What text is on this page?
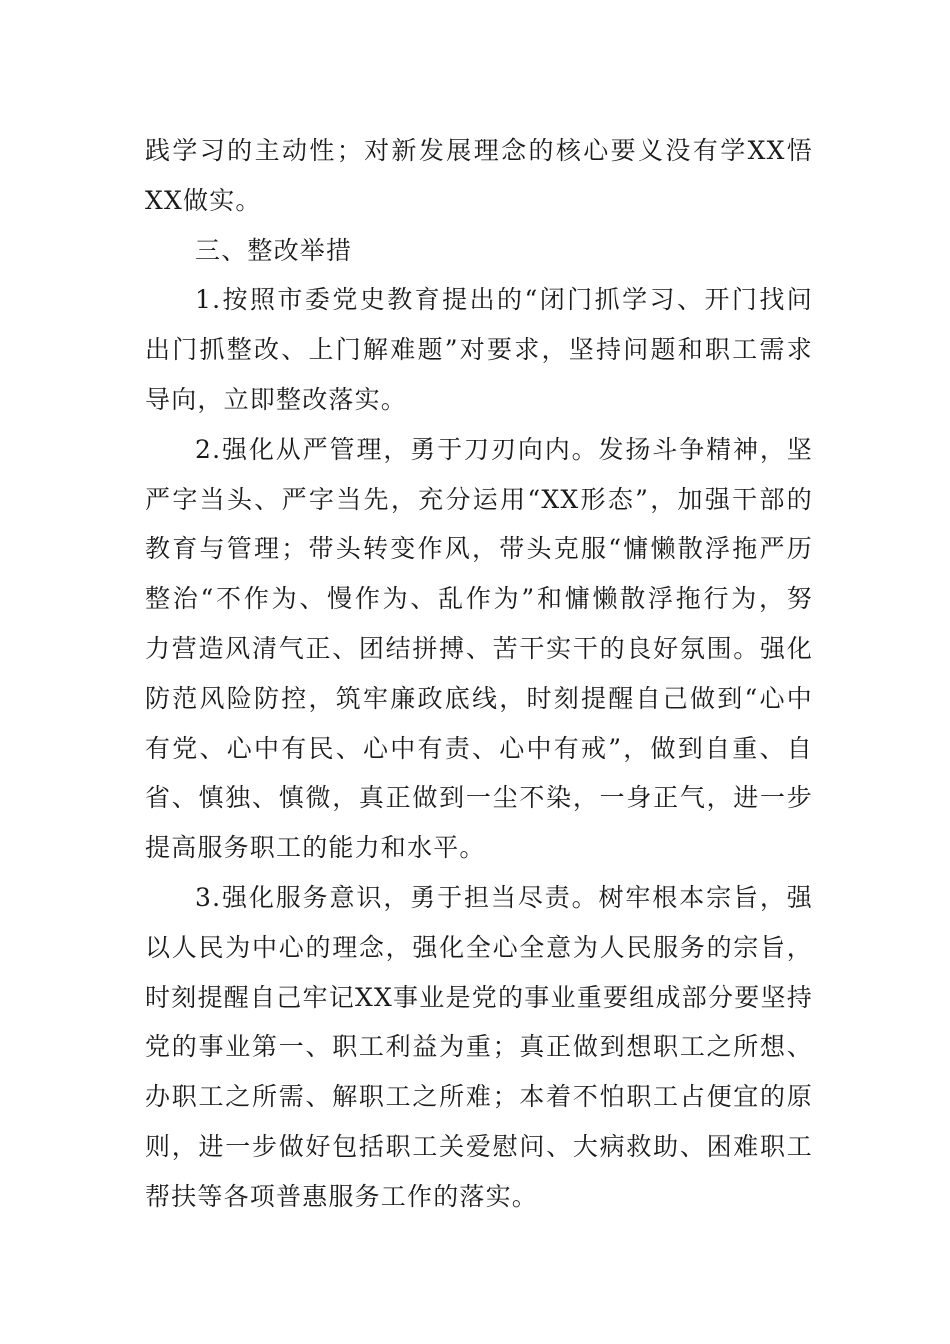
践学习的主动性；对新发展理念的核心要义没有学XX悟
XX做实。
三、整改举措
1.按照市委党史教育提出的“闭门抓学习、开门找问
出门抓整改、上门解难题”对要求，坚持问题和职工需求
导向，立即整改落实。
2.强化从严管理，勇于刀刃向内。发扬斗争精神，坚
严字当头、严字当先，充分运用“XX形态”，加强干部的
教育与管理；带头转变作风，带头克服“慵懒散浮拖严历
整治“不作为、慢作为、乱作为”和慵懒散浮拖行为，努
力营造风清气正、团结拼搏、苦干实干的良好氛围。强化
防范风险防控，筑牢廉政底线，时刻提醒自己做到“心中
有党、心中有民、心中有责、心中有戒”，做到自重、自
省、慎独、慎微，真正做到一尘不染，一身正气，进一步
提高服务职工的能力和水平。
3.强化服务意识，勇于担当尽责。树牢根本宗旨，强
以人民为中心的理念，强化全心全意为人民服务的宗旨，
时刻提醒自己牢记XX事业是党的事业重要组成部分要坚持
党的事业第一、职工利益为重；真正做到想职工之所想、
办职工之所需、解职工之所难；本着不怕职工占便宜的原
则，进一步做好包括职工关爱慰问、大病救助、困难职工
帮扶等各项普惠服务工作的落实。
